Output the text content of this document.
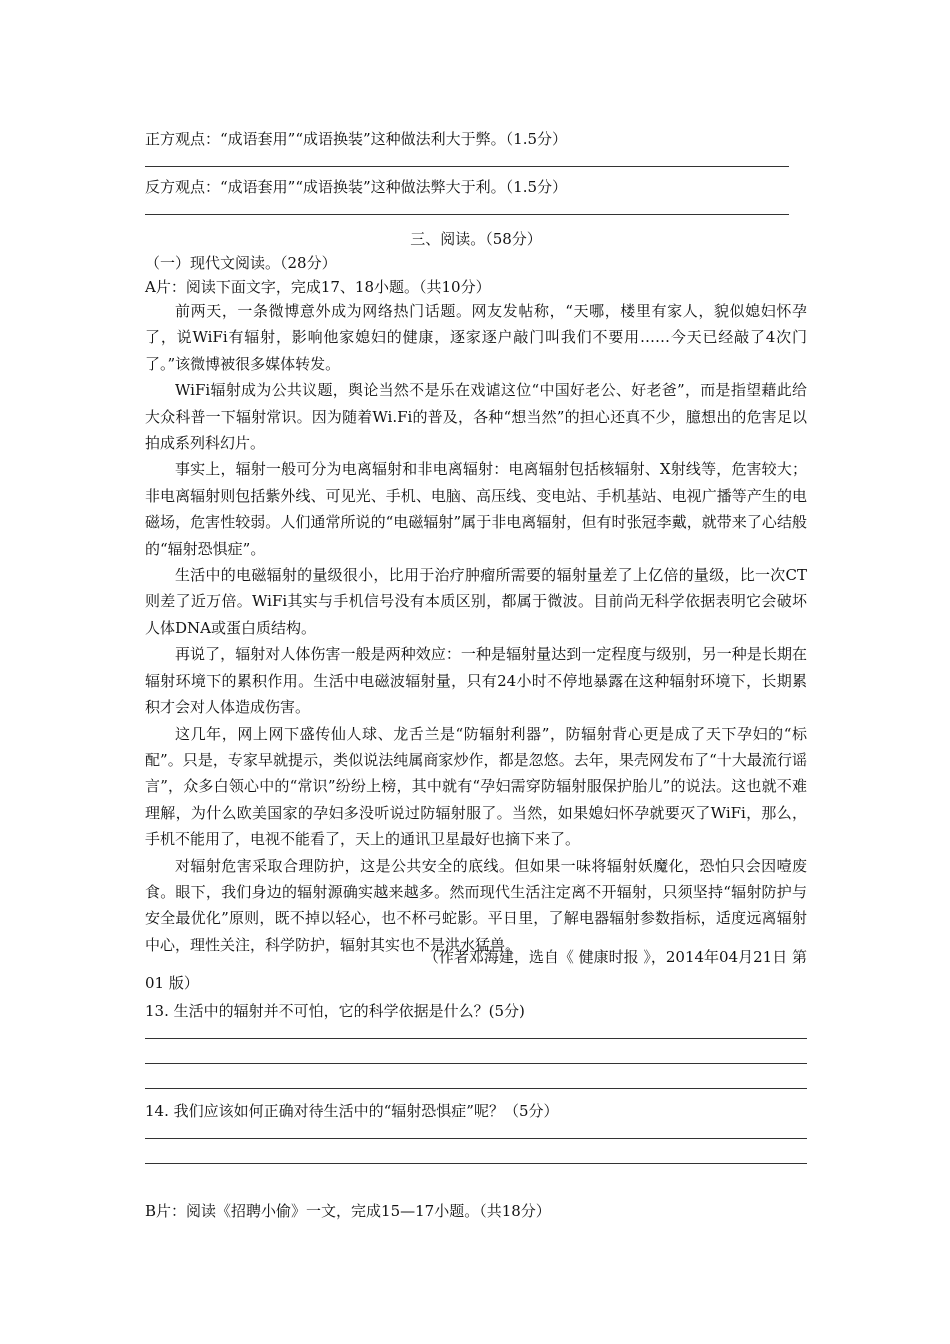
正方观点：“成语套用”“成语换装”这种做法利大于弊。（1.5分）
反方观点：“成语套用”“成语换装”这种做法弊大于利。（1.5分）
三、阅读。（58分）
（一）现代文阅读。（28分）
A片：阅读下面文字，完成17、18小题。（共10分）

前两天，一条微博意外成为网络热门话题。网友发帖称，“天哪，楼里有家人，貌似媳妇怀孕了，说WiFi有辐射，影响他家媳妇的健康，逐家逐户敲门叫我们不要用……今天已经敲了4次门了。”该微博被很多媒体转发。

WiFi辐射成为公共议题，舆论当然不是乐在戏谑这位“中国好老公、好老爸”，而是指望藉此给大众科普一下辐射常识。因为随着Wi.Fi的普及，各种“想当然”的担心还真不少，臆想出的危害足以拍成系列科幻片。

事实上，辐射一般可分为电离辐射和非电离辐射：电离辐射包括核辐射、X射线等，危害较大；非电离辐射则包括紫外线、可见光、手机、电脑、高压线、变电站、手机基站、电视广播等产生的电磁场，危害性较弱。人们通常所说的“电磁辐射”属于非电离辐射，但有时张冠李戴，就带来了心结般的“辐射恐惧症”。

生活中的电磁辐射的量级很小，比用于治疗肿瘤所需要的辐射量差了上亿倍的量级，比一次CT则差了近万倍。WiFi其实与手机信号没有本质区别，都属于微波。目前尚无科学依据表明它会破坏人体DNA或蛋白质结构。

再说了，辐射对人体伤害一般是两种效应：一种是辐射量达到一定程度与级别，另一种是长期在辐射环境下的累积作用。生活中电磁波辐射量，只有24小时不停地暴露在这种辐射环境下，长期累积才会对人体造成伤害。

这几年，网上网下盛传仙人球、龙舌兰是“防辐射利器”，防辐射背心更是成了天下孕妇的“标配”。只是，专家早就提示，类似说法纯属商家炒作，都是忽悠。去年，果壳网发布了“十大最流行谣言”，众多白领心中的“常识”纷纷上榜，其中就有“孕妇需穿防辐射服保护胎儿”的说法。这也就不难理解，为什么欧美国家的孕妇多没听说过防辐射服了。当然，如果媳妇怀孕就要灭了WiFi，那么，手机不能用了，电视不能看了，天上的通讯卫星最好也摘下来了。

对辐射危害采取合理防护，这是公共安全的底线。但如果一味将辐射妖魔化，恐怕只会因噎废食。眼下，我们身边的辐射源确实越来越多。然而现代生活注定离不开辐射，只须坚持“辐射防护与安全最优化”原则，既不掉以轻心，也不杯弓蛇影。平日里，了解电器辐射参数指标，适度远离辐射中心，理性关注，科学防护，辐射其实也不是洪水猛兽。

（作者邓海建，选自《 健康时报 》，2014年04月21日 第
01 版）
13. 生活中的辐射并不可怕，它的科学依据是什么？(5分)
14. 我们应该如何正确对待生活中的“辐射恐惧症”呢？（5分）
B片：阅读《招聘小偷》一文，完成15—17小题。（共18分）
